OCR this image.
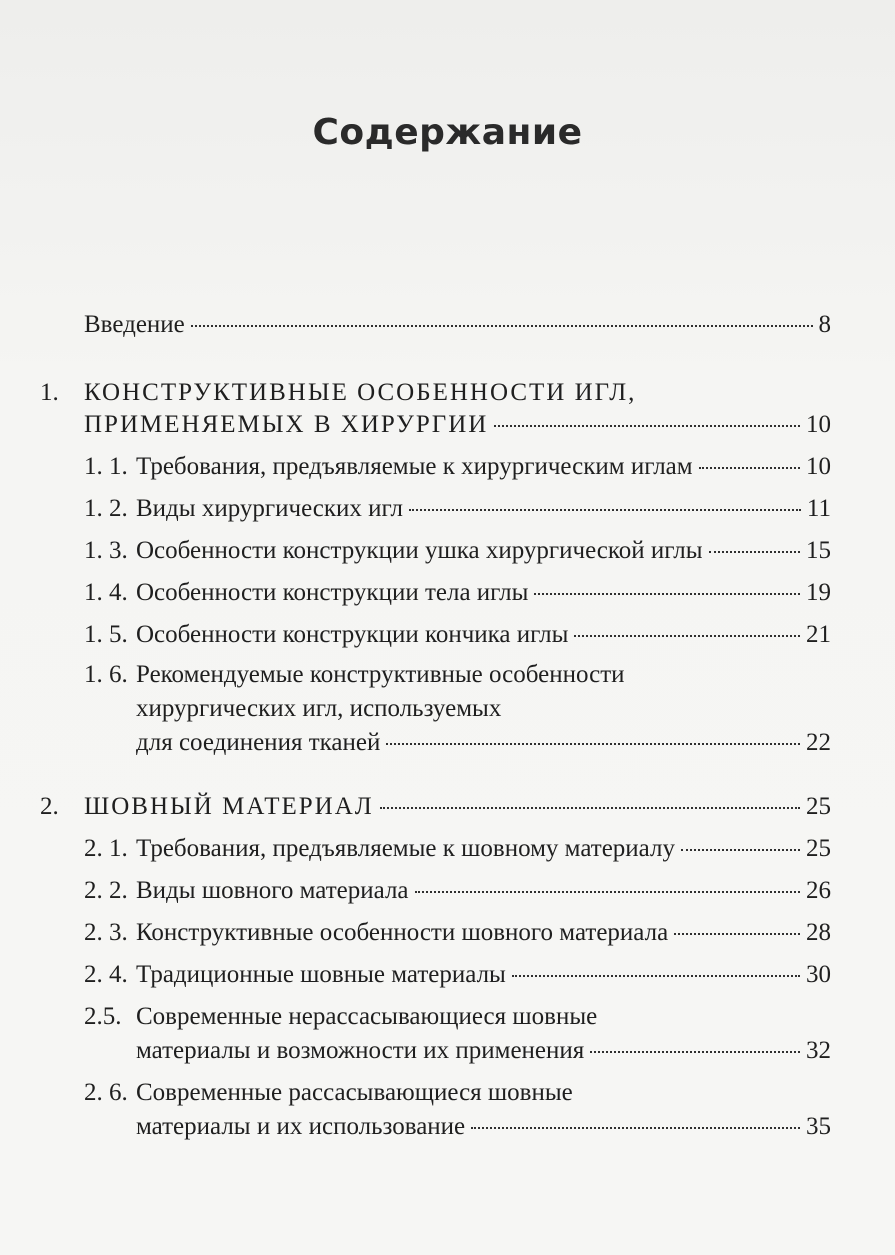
Содержание
Введение	8
1. КОНСТРУКТИВНЫЕ ОСОБЕННОСТИ ИГЛ,
ПРИМЕНЯЕМЫХ В ХИРУРГИИ	10
1. 1. Требования, предъявляемые к хирургическим иглам	10
1. 2. Виды хирургических игл	11
1. 3. Особенности конструкции ушка хирургической иглы	15
1. 4. Особенности конструкции тела иглы	19
1. 5. Особенности конструкции кончика иглы	21
1. 6. Рекомендуемые конструктивные особенности
хирургических игл, используемых
для соединения тканей	22
2. ШОВНЫЙ МАТЕРИАЛ	25
2. 1. Требования, предъявляемые к шовному материалу	25
2. 2. Виды шовного материала	26
2. 3. Конструктивные особенности шовного материала	28
2. 4. Традиционные шовные материалы	30
2.5. Современные нерассасывающиеся шовные
материалы и возможности их применения	32
2. 6. Современные рассасывающиеся шовные
материалы и их использование	35
